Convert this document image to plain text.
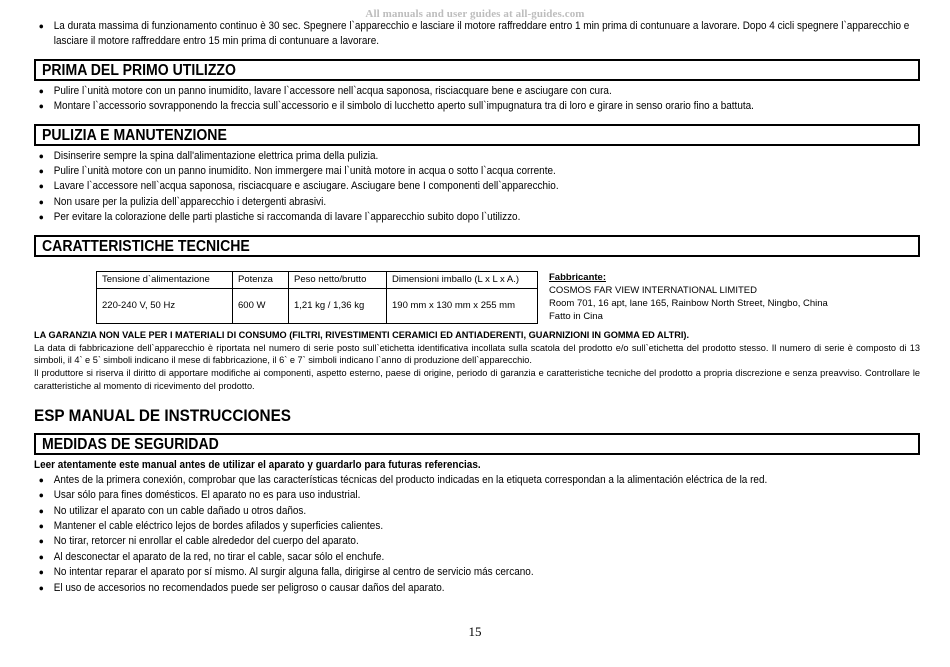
All manuals and user guides at all-guides.com
● La durata massima di funzionamento continuo è 30 sec. Spegnere l`apparecchio e lasciare il motore raffreddare entro 1 min prima di contunuare a lavorare. Dopo 4 cicli spegnere l`apparecchio e lasciare il motore raffreddare entro 15 min prima di contunuare a lavorare.
PRIMA DEL PRIMO UTILIZZO
● Pulire l`unità motore con un panno inumidito, lavare l`accessore nell`acqua saponosa, risciacquare bene e asciugare con cura.
● Montare l`accessorio sovrapponendo la freccia sull`accessorio e il simbolo di lucchetto aperto sull`impugnatura tra di loro e girare in senso orario fino a battuta.
PULIZIA E MANUTENZIONE
● Disinserire sempre la spina dall'alimentazione elettrica prima della pulizia.
● Pulire l`unità motore con un panno inumidito. Non immergere mai l`unità motore in acqua o sotto l`acqua corrente.
● Lavare l`accessore nell`acqua saponosa, risciacquare e asciugare. Asciugare bene I componenti dell`apparecchio.
● Non usare per la pulizia dell`apparecchio i detergenti abrasivi.
● Per evitare la colorazione delle parti plastiche si raccomanda di lavare l`apparecchio subito dopo l`utilizzo.
CARATTERISTICHE TECNICHE
Tensione d`alimentazione	Potenza	Peso netto/brutto	Dimensioni imballo (L x L x A.)
220-240 V, 50 Hz	600 W	1,21 kg / 1,36 kg	190 mm x 130 mm x 255 mm
Fabbricante:
COSMOS FAR VIEW INTERNATIONAL LIMITED
Room 701, 16 apt, lane 165, Rainbow North Street, Ningbo, China
Fatto in Cina
LA GARANZIA NON VALE PER I MATERIALI DI CONSUMO (FILTRI, RIVESTIMENTI CERAMICI ED ANTIADERENTI, GUARNIZIONI IN GOMMA ED ALTRI).
La data di fabbricazione dell`apparecchio è riportata nel numero di serie posto sull`etichetta identificativa incollata sulla scatola del prodotto e/o sull`etichetta del prodotto stesso. Il numero di serie è composto di 13 simboli, il 4` e 5` simboli indicano il mese di fabbricazione, il 6` e 7` simboli indicano l`anno di produzione dell`apparecchio.
Il produttore si riserva il diritto di apportare modifiche ai componenti, aspetto esterno, paese di origine, periodo di garanzia e caratteristiche tecniche del prodotto a propria discrezione e senza preavviso. Controllare le caratteristiche al momento di ricevimento del prodotto.
ESP MANUAL DE INSTRUCCIONES
MEDIDAS DE SEGURIDAD
Leer atentamente este manual antes de utilizar el aparato y guardarlo para futuras referencias.
● Antes de la primera conexión, comprobar que las características técnicas del producto indicadas en la etiqueta correspondan a la alimentación eléctrica de la red.
● Usar sólo para fines domésticos. El aparato no es para uso industrial.
● No utilizar el aparato con un cable dañado u otros daños.
● Mantener el cable eléctrico lejos de bordes afilados y superficies calientes.
● No tirar, retorcer ni enrollar el cable alrededor del cuerpo del aparato.
● Al desconectar el aparato de la red, no tirar el cable, sacar sólo el enchufe.
● No intentar reparar el aparato por sí mismo. Al surgir alguna falla, dirigirse al centro de servicio más cercano.
● El uso de accesorios no recomendados puede ser peligroso o causar daños del aparato.
15
